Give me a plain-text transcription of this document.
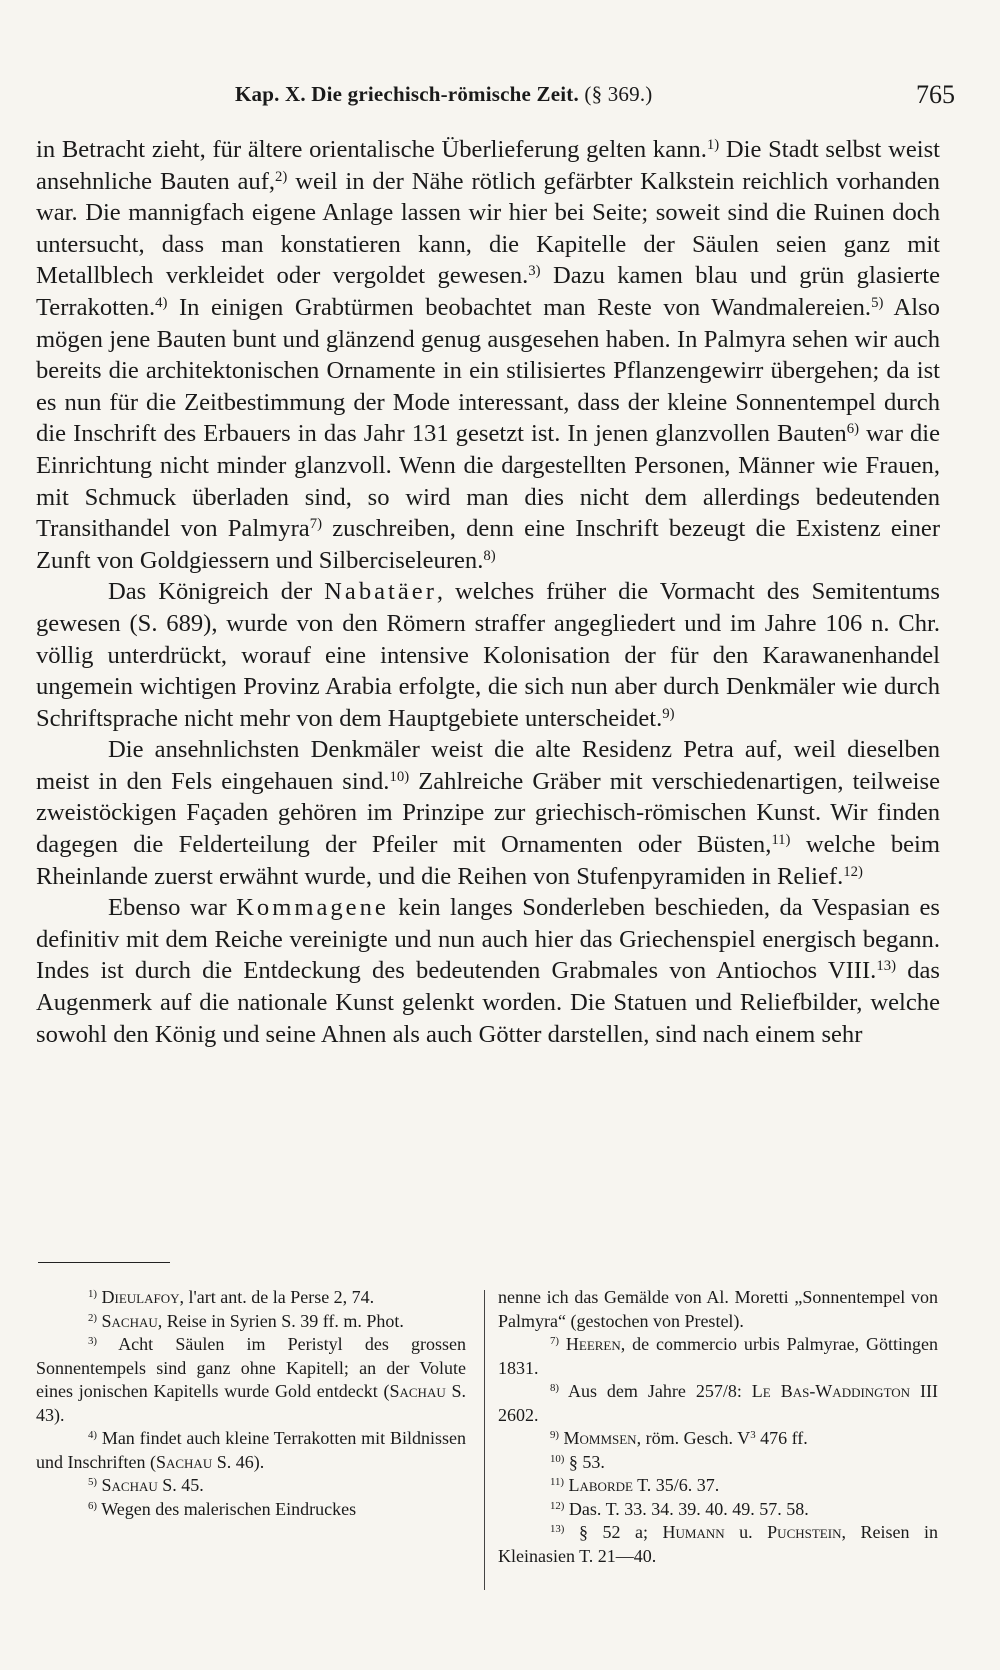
Kap. X. Die griechisch-römische Zeit. (§ 369.)	765

in Betracht zieht, für ältere orientalische Überlieferung gelten kann.$^{1)}$ Die Stadt selbst weist ansehnliche Bauten auf,$^{2)}$ weil in der Nähe rötlich gefärbter Kalkstein reichlich vorhanden war. Die mannigfach eigene Anlage lassen wir hier bei Seite; soweit sind die Ruinen doch untersucht, dass man konstatieren kann, die Kapitelle der Säulen seien ganz mit Metallblech verkleidet oder vergoldet gewesen.$^{3)}$ Dazu kamen blau und grün glasierte Terrakotten.$^{4)}$ In einigen Grabtürmen beobachtet man Reste von Wandmalereien.$^{5)}$ Also mögen jene Bauten bunt und glänzend genug ausgesehen haben. In Palmyra sehen wir auch bereits die architektonischen Ornamente in ein stilisiertes Pflanzengewirr übergehen; da ist es nun für die Zeitbestimmung der Mode interessant, dass der kleine Sonnentempel durch die Inschrift des Erbauers in das Jahr 131 gesetzt ist. In jenen glanzvollen Bauten$^{6)}$ war die Einrichtung nicht minder glanzvoll. Wenn die dargestellten Personen, Männer wie Frauen, mit Schmuck überladen sind, so wird man dies nicht dem allerdings bedeutenden Transithandel von Palmyra$^{7)}$ zuschreiben, denn eine Inschrift bezeugt die Existenz einer Zunft von Goldgiessern und Silberciseleuren.$^{8)}$

Das Königreich der Nabatäer, welches früher die Vormacht des Semitentums gewesen (S. 689), wurde von den Römern straffer angegliedert und im Jahre 106 n. Chr. völlig unterdrückt, worauf eine intensive Kolonisation der für den Karawanenhandel ungemein wichtigen Provinz Arabia erfolgte, die sich nun aber durch Denkmäler wie durch Schriftsprache nicht mehr von dem Hauptgebiete unterscheidet.$^{9)}$

Die ansehnlichsten Denkmäler weist die alte Residenz Petra auf, weil dieselben meist in den Fels eingehauen sind.$^{10)}$ Zahlreiche Gräber mit verschiedenartigen, teilweise zweistöckigen Façaden gehören im Prinzipe zur griechisch-römischen Kunst. Wir finden dagegen die Felderteilung der Pfeiler mit Ornamenten oder Büsten,$^{11)}$ welche beim Rheinlande zuerst erwähnt wurde, und die Reihen von Stufenpyramiden in Relief.$^{12)}$

Ebenso war Kommagene kein langes Sonderleben beschieden, da Vespasian es definitiv mit dem Reiche vereinigte und nun auch hier das Griechenspiel energisch begann. Indes ist durch die Entdeckung des bedeutenden Grabmales von Antiochos VIII.$^{13)}$ das Augenmerk auf die nationale Kunst gelenkt worden. Die Statuen und Reliefbilder, welche sowohl den König und seine Ahnen als auch Götter darstellen, sind nach einem sehr

$^{1)}$ Dieulafoy, l'art ant. de la Perse 2, 74.

$^{2)}$ Sachau, Reise in Syrien S. 39 ff. m. Phot.

$^{3)}$ Acht Säulen im Peristyl des grossen Sonnentempels sind ganz ohne Kapitell; an der Volute eines jonischen Kapitells wurde Gold entdeckt (Sachau S. 43).

$^{4)}$ Man findet auch kleine Terrakotten mit Bildnissen und Inschriften (Sachau S. 46).

$^{5)}$ Sachau S. 45.

$^{6)}$ Wegen des malerischen Eindruckes

nenne ich das Gemälde von Al. Moretti „Sonnentempel von Palmyra“ (gestochen von Prestel).

$^{7)}$ Heeren, de commercio urbis Palmyrae, Göttingen 1831.

$^{8)}$ Aus dem Jahre 257/8: Le Bas-Waddington III 2602.

$^{9)}$ Mommsen, röm. Gesch. $V^3$ 476 ff.

$^{10)}$ § 53.

$^{11)}$ Laborde T. 35/6. 37.

$^{12)}$ Das. T. 33. 34. 39. 40. 49. 57. 58.

$^{13)}$ § 52 a; Humann u. Puchstein, Reisen in Kleinasien T. 21—40.
